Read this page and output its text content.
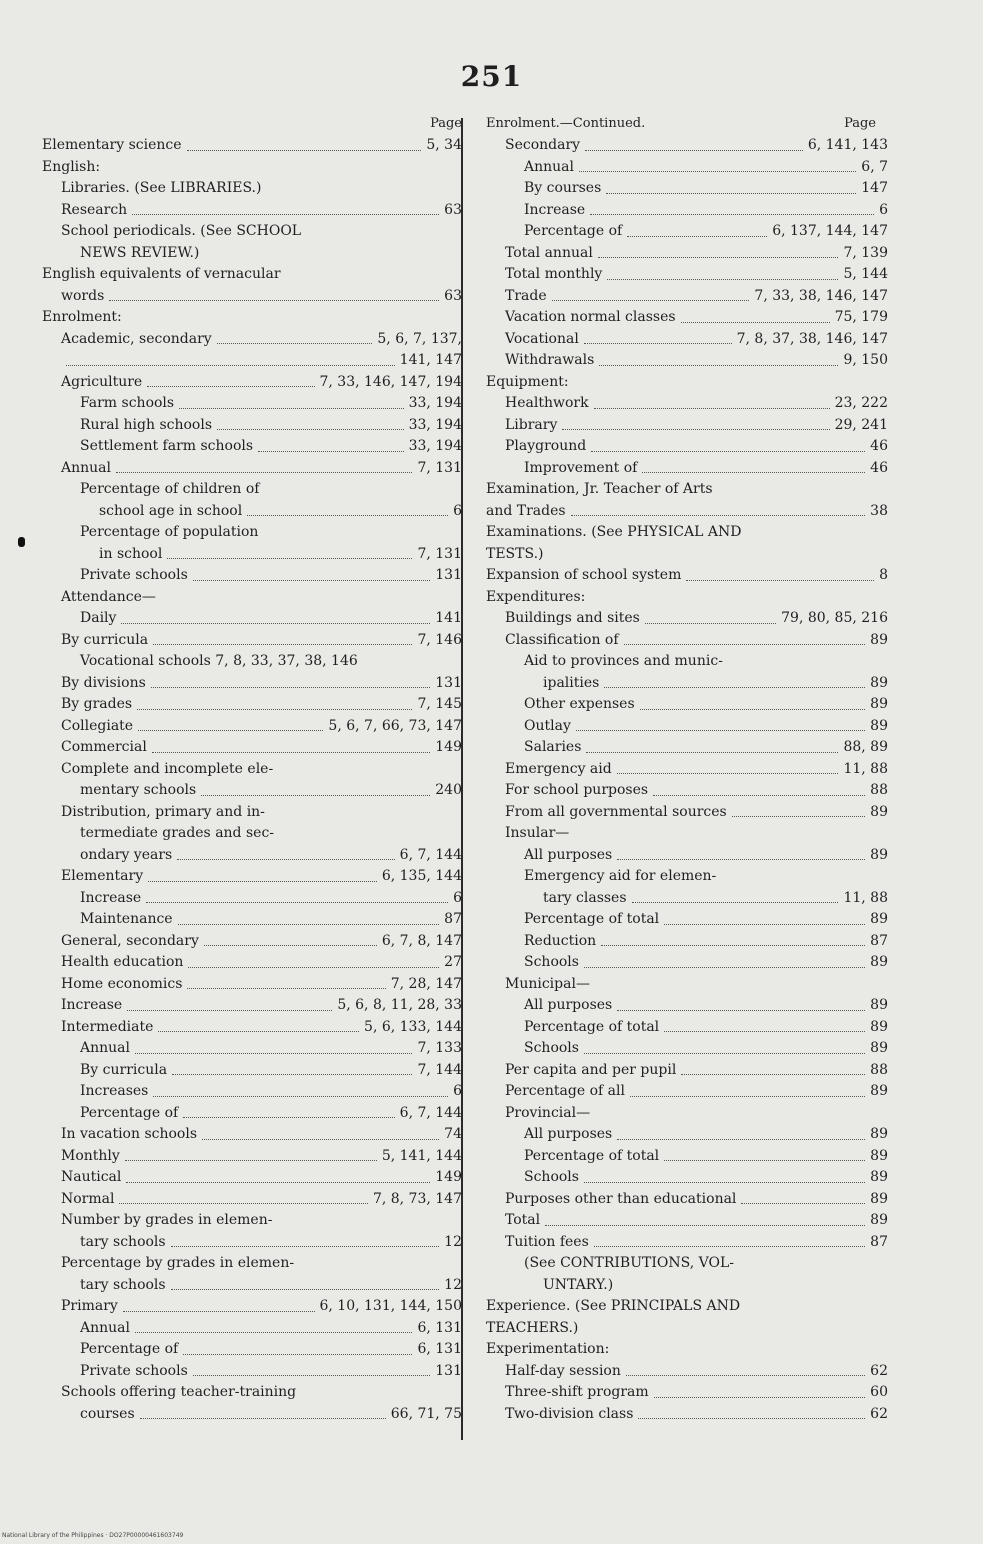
251
Page
Elementary science	5, 34
English:
Libraries. (See LIBRARIES.)
Research	63
School periodicals. (See SCHOOL
NEWS REVIEW.)
English equivalents of vernacular
words	63
Enrolment:
Academic, secondary	5, 6, 7, 137,
141, 147
Agriculture	7, 33, 146, 147, 194
Farm schools	33, 194
Rural high schools	33, 194
Settlement farm schools	33, 194
Annual	7, 131
Percentage of children of
school age in school	6
Percentage of population
in school	7, 131
Private schools	131
Attendance—
Daily	141
By curricula	7, 146
Vocational schools 7, 8, 33, 37, 38, 146
By divisions	131
By grades	7, 145
Collegiate	5, 6, 7, 66, 73, 147
Commercial	149
Complete and incomplete ele-
mentary schools	240
Distribution, primary and in-
termediate grades and sec-
ondary years	6, 7, 144
Elementary	6, 135, 144
Increase	6
Maintenance	87
General, secondary	6, 7, 8, 147
Health education	27
Home economics	7, 28, 147
Increase	5, 6, 8, 11, 28, 33
Intermediate	5, 6, 133, 144
Annual	7, 133
By curricula	7, 144
Increases	6
Percentage of	6, 7, 144
In vacation schools	74
Monthly	5, 141, 144
Nautical	149
Normal	7, 8, 73, 147
Number by grades in elemen-
tary schools	12
Percentage by grades in elemen-
tary schools	12
Primary	6, 10, 131, 144, 150
Annual	6, 131
Percentage of	6, 131
Private schools	131
Schools offering teacher-training
courses	66, 71, 75
Enrolment.—Continued.	Page
Secondary	6, 141, 143
Annual	6, 7
By courses	147
Increase	6
Percentage of	6, 137, 144, 147
Total annual	7, 139
Total monthly	5, 144
Trade	7, 33, 38, 146, 147
Vacation normal classes	75, 179
Vocational	7, 8, 37, 38, 146, 147
Withdrawals	9, 150
Equipment:
Healthwork	23, 222
Library	29, 241
Playground	46
Improvement of	46
Examination, Jr. Teacher of Arts
and Trades	38
Examinations. (See PHYSICAL AND
TESTS.)
Expansion of school system	8
Expenditures:
Buildings and sites	79, 80, 85, 216
Classification of	89
Aid to provinces and munic-
ipalities	89
Other expenses	89
Outlay	89
Salaries	88, 89
Emergency aid	11, 88
For school purposes	88
From all governmental sources	89
Insular—
All purposes	89
Emergency aid for elemen-
tary classes	11, 88
Percentage of total	89
Reduction	87
Schools	89
Municipal—
All purposes	89
Percentage of total	89
Schools	89
Per capita and per pupil	88
Percentage of all	89
Provincial—
All purposes	89
Percentage of total	89
Schools	89
Purposes other than educational	89
Total	89
Tuition fees	87
(See CONTRIBUTIONS, VOL-
UNTARY.)
Experience. (See PRINCIPALS AND
TEACHERS.)
Experimentation:
Half-day session	62
Three-shift program	60
Two-division class	62
National Library of the Philippines · DO27P00000461603749
